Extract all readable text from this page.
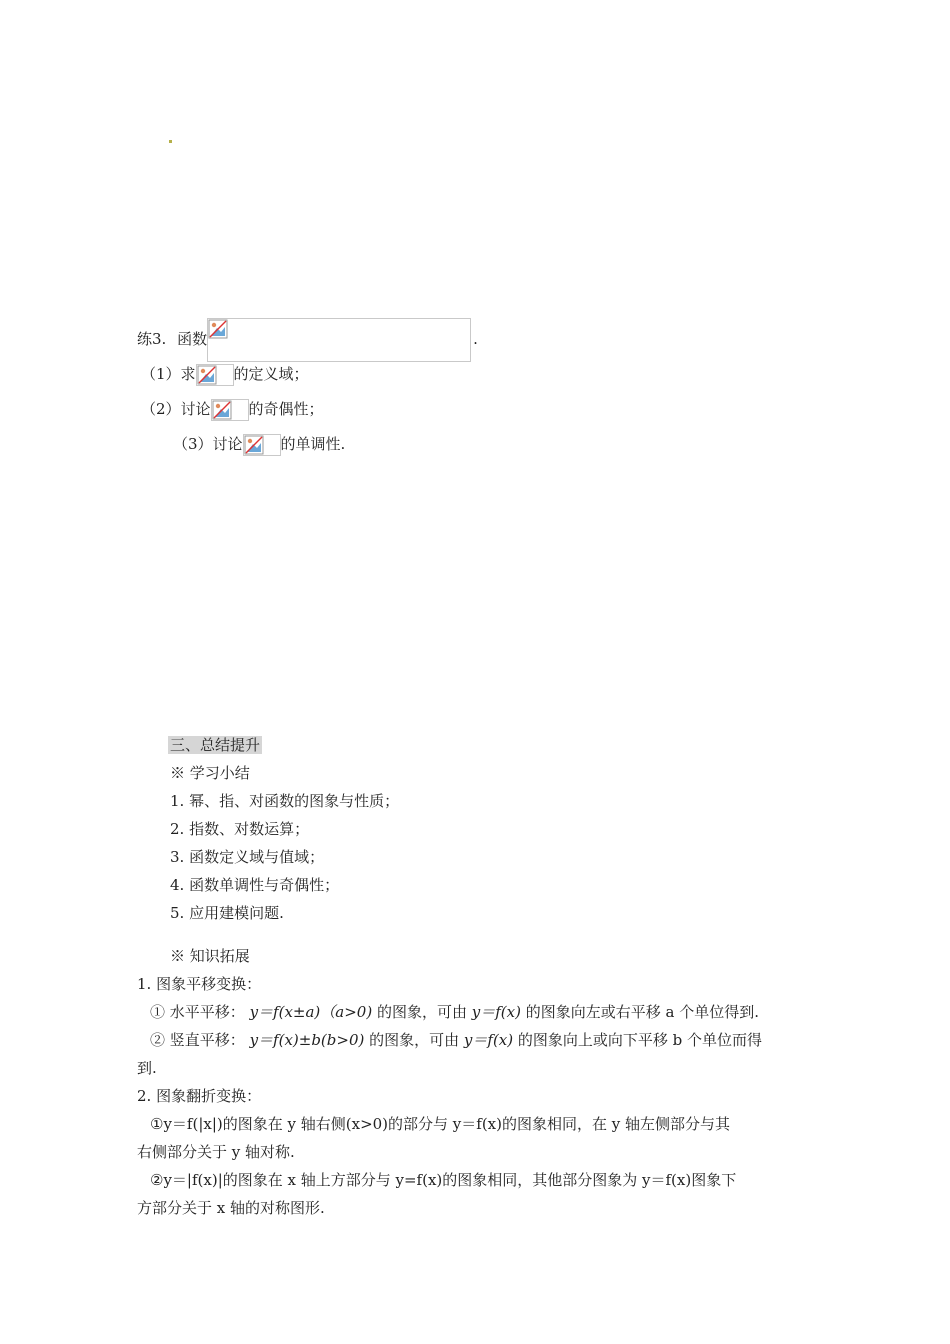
练3. 函数	.
（1）求	的定义域；
（2）讨论	的奇偶性；
（3）讨论	的单调性.
三、总结提升
※ 学习小结
1. 幂、指、对函数的图象与性质；
2. 指数、对数运算；
3. 函数定义域与值域；
4. 函数单调性与奇偶性；
5. 应用建模问题.
※ 知识拓展
1. 图象平移变换：
① 水平平移： y＝f(x±a)（a>0) 的图象，可由 y＝f(x) 的图象向左或右平移 a 个单位得到.
② 竖直平移： y＝f(x)±b(b>0) 的图象，可由 y＝f(x) 的图象向上或向下平移 b 个单位而得
到.
2. 图象翻折变换：
①y＝f(|x|)的图象在 y 轴右侧(x>0)的部分与 y＝f(x)的图象相同，在 y 轴左侧部分与其
右侧部分关于 y 轴对称.
②y＝|f(x)|的图象在 x 轴上方部分与 y=f(x)的图象相同，其他部分图象为 y＝f(x)图象下
方部分关于 x 轴的对称图形.
